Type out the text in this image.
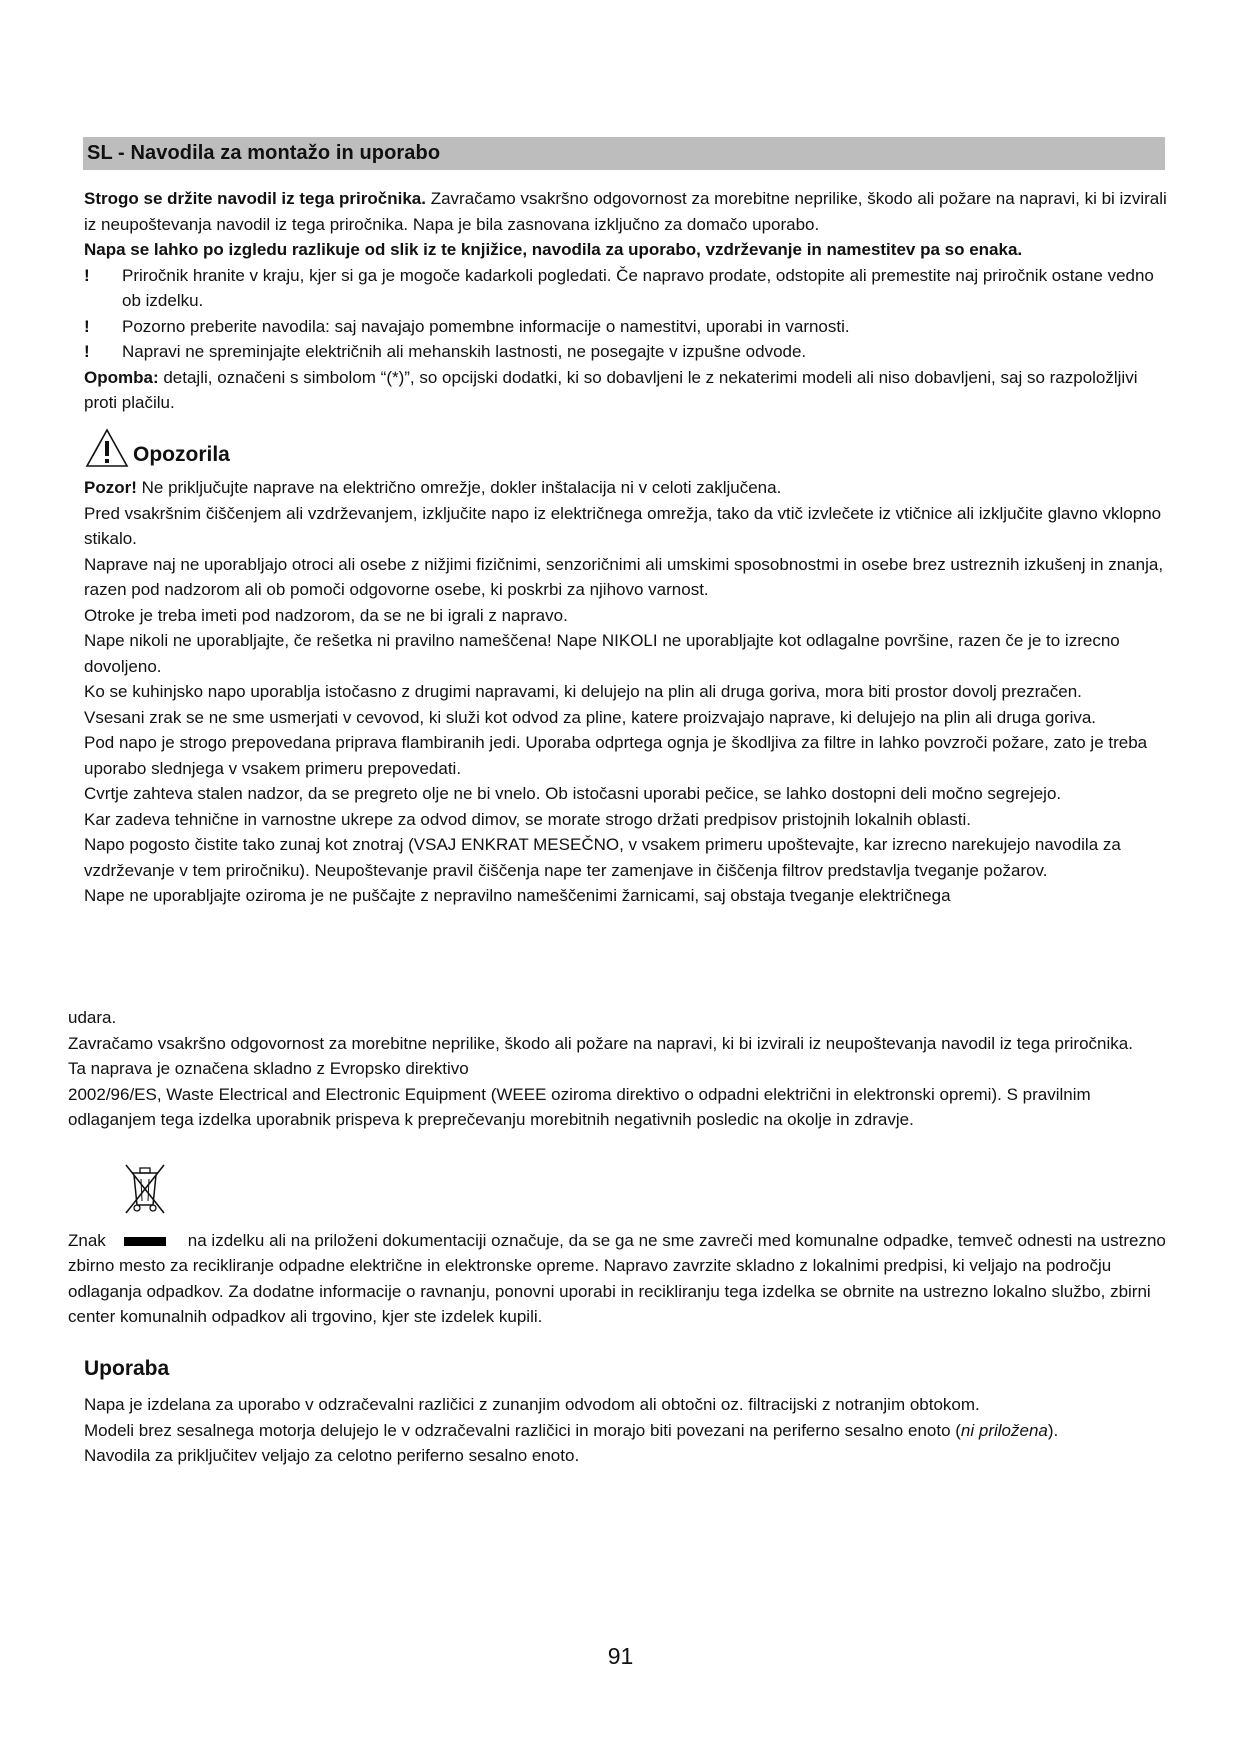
SL - Navodila za montažo in uporabo

Strogo se držite navodil iz tega priročnika. Zavračamo vsakršno odgovornost za morebitne neprilike, škodo ali požare na napravi, ki bi izvirali iz neupoštevanja navodil iz tega priročnika. Napa je bila zasnovana izključno za domačo uporabo.

Napa se lahko po izgledu razlikuje od slik iz te knjižice, navodila za uporabo, vzdrževanje in namestitev pa so enaka.

! Priročnik hranite v kraju, kjer si ga je mogoče kadarkoli pogledati. Če napravo prodate, odstopite ali premestite naj priročnik ostane vedno ob izdelku.

! Pozorno preberite navodila: saj navajajo pomembne informacije o namestitvi, uporabi in varnosti.

! Napravi ne spreminjajte električnih ali mehanskih lastnosti, ne posegajte v izpušne odvode.

Opomba: detajli, označeni s simbolom “(*)”, so opcijski dodatki, ki so dobavljeni le z nekaterimi modeli ali niso dobavljeni, saj so razpoložljivi proti plačilu.

Opozorila

Pozor! Ne priključujte naprave na električno omrežje, dokler inštalacija ni v celoti zaključena.

Pred vsakršnim čiščenjem ali vzdrževanjem, izključite napo iz električnega omrežja, tako da vtič izvlečete iz vtičnice ali izključite glavno vklopno stikalo.

Naprave naj ne uporabljajo otroci ali osebe z nižjimi fizičnimi, senzoričnimi ali umskimi sposobnostmi in osebe brez ustreznih izkušenj in znanja, razen pod nadzorom ali ob pomoči odgovorne osebe, ki poskrbi za njihovo varnost.

Otroke je treba imeti pod nadzorom, da se ne bi igrali z napravo.

Nape nikoli ne uporabljajte, če rešetka ni pravilno nameščena! Nape NIKOLI ne uporabljajte kot odlagalne površine, razen če je to izrecno dovoljeno.

Ko se kuhinjsko napo uporablja istočasno z drugimi napravami, ki delujejo na plin ali druga goriva, mora biti prostor dovolj prezračen.

Vsesani zrak se ne sme usmerjati v cevovod, ki služi kot odvod za pline, katere proizvajajo naprave, ki delujejo na plin ali druga goriva.

Pod napo je strogo prepovedana priprava flambiranih jedi. Uporaba odprtega ognja je škodljiva za filtre in lahko povzroči požare, zato je treba uporabo slednjega v vsakem primeru prepovedati.

Cvrtje zahteva stalen nadzor, da se pregreto olje ne bi vnelo. Ob istočasni uporabi pečice, se lahko dostopni deli močno segrejejo.

Kar zadeva tehnične in varnostne ukrepe za odvod dimov, se morate strogo držati predpisov pristojnih lokalnih oblasti.

Napo pogosto čistite tako zunaj kot znotraj (VSAJ ENKRAT MESEČNO, v vsakem primeru upoštevajte, kar izrecno narekujejo navodila za vzdrževanje v tem priročniku). Neupoštevanje pravil čiščenja nape ter zamenjave in čiščenja filtrov predstavlja tveganje požarov.

Nape ne uporabljajte oziroma je ne puščajte z nepravilno nameščenimi žarnicami, saj obstaja tveganje električnega

udara.

Zavračamo vsakršno odgovornost za morebitne neprilike, škodo ali požare na napravi, ki bi izvirali iz neupoštevanja navodil iz tega priročnika.

Ta naprava je označena skladno z Evropsko direktivo

2002/96/ES, Waste Electrical and Electronic Equipment (WEEE oziroma direktivo o odpadni električni in elektronski opremi). S pravilnim odlaganjem tega izdelka uporabnik prispeva k preprečevanju morebitnih negativnih posledic na okolje in zdravje.

Znak	na izdelku ali na priloženi dokumentaciji označuje, da se ga ne sme zavreči med komunalne odpadke, temveč odnesti na ustrezno zbirno mesto za recikliranje odpadne električne in elektronske opreme. Napravo zavrzite skladno z lokalnimi predpisi, ki veljajo na področju odlaganja odpadkov. Za dodatne informacije o ravnanju, ponovni uporabi in recikliranju tega izdelka se obrnite na ustrezno lokalno službo, zbirni center komunalnih odpadkov ali trgovino, kjer ste izdelek kupili.

Uporaba

Napa je izdelana za uporabo v odzračevalni različici z zunanjim odvodom ali obtočni oz. filtracijski z notranjim obtokom.

Modeli brez sesalnega motorja delujejo le v odzračevalni različici in morajo biti povezani na periferno sesalno enoto (ni priložena).

Navodila za priključitev veljajo za celotno periferno sesalno enoto.

91
